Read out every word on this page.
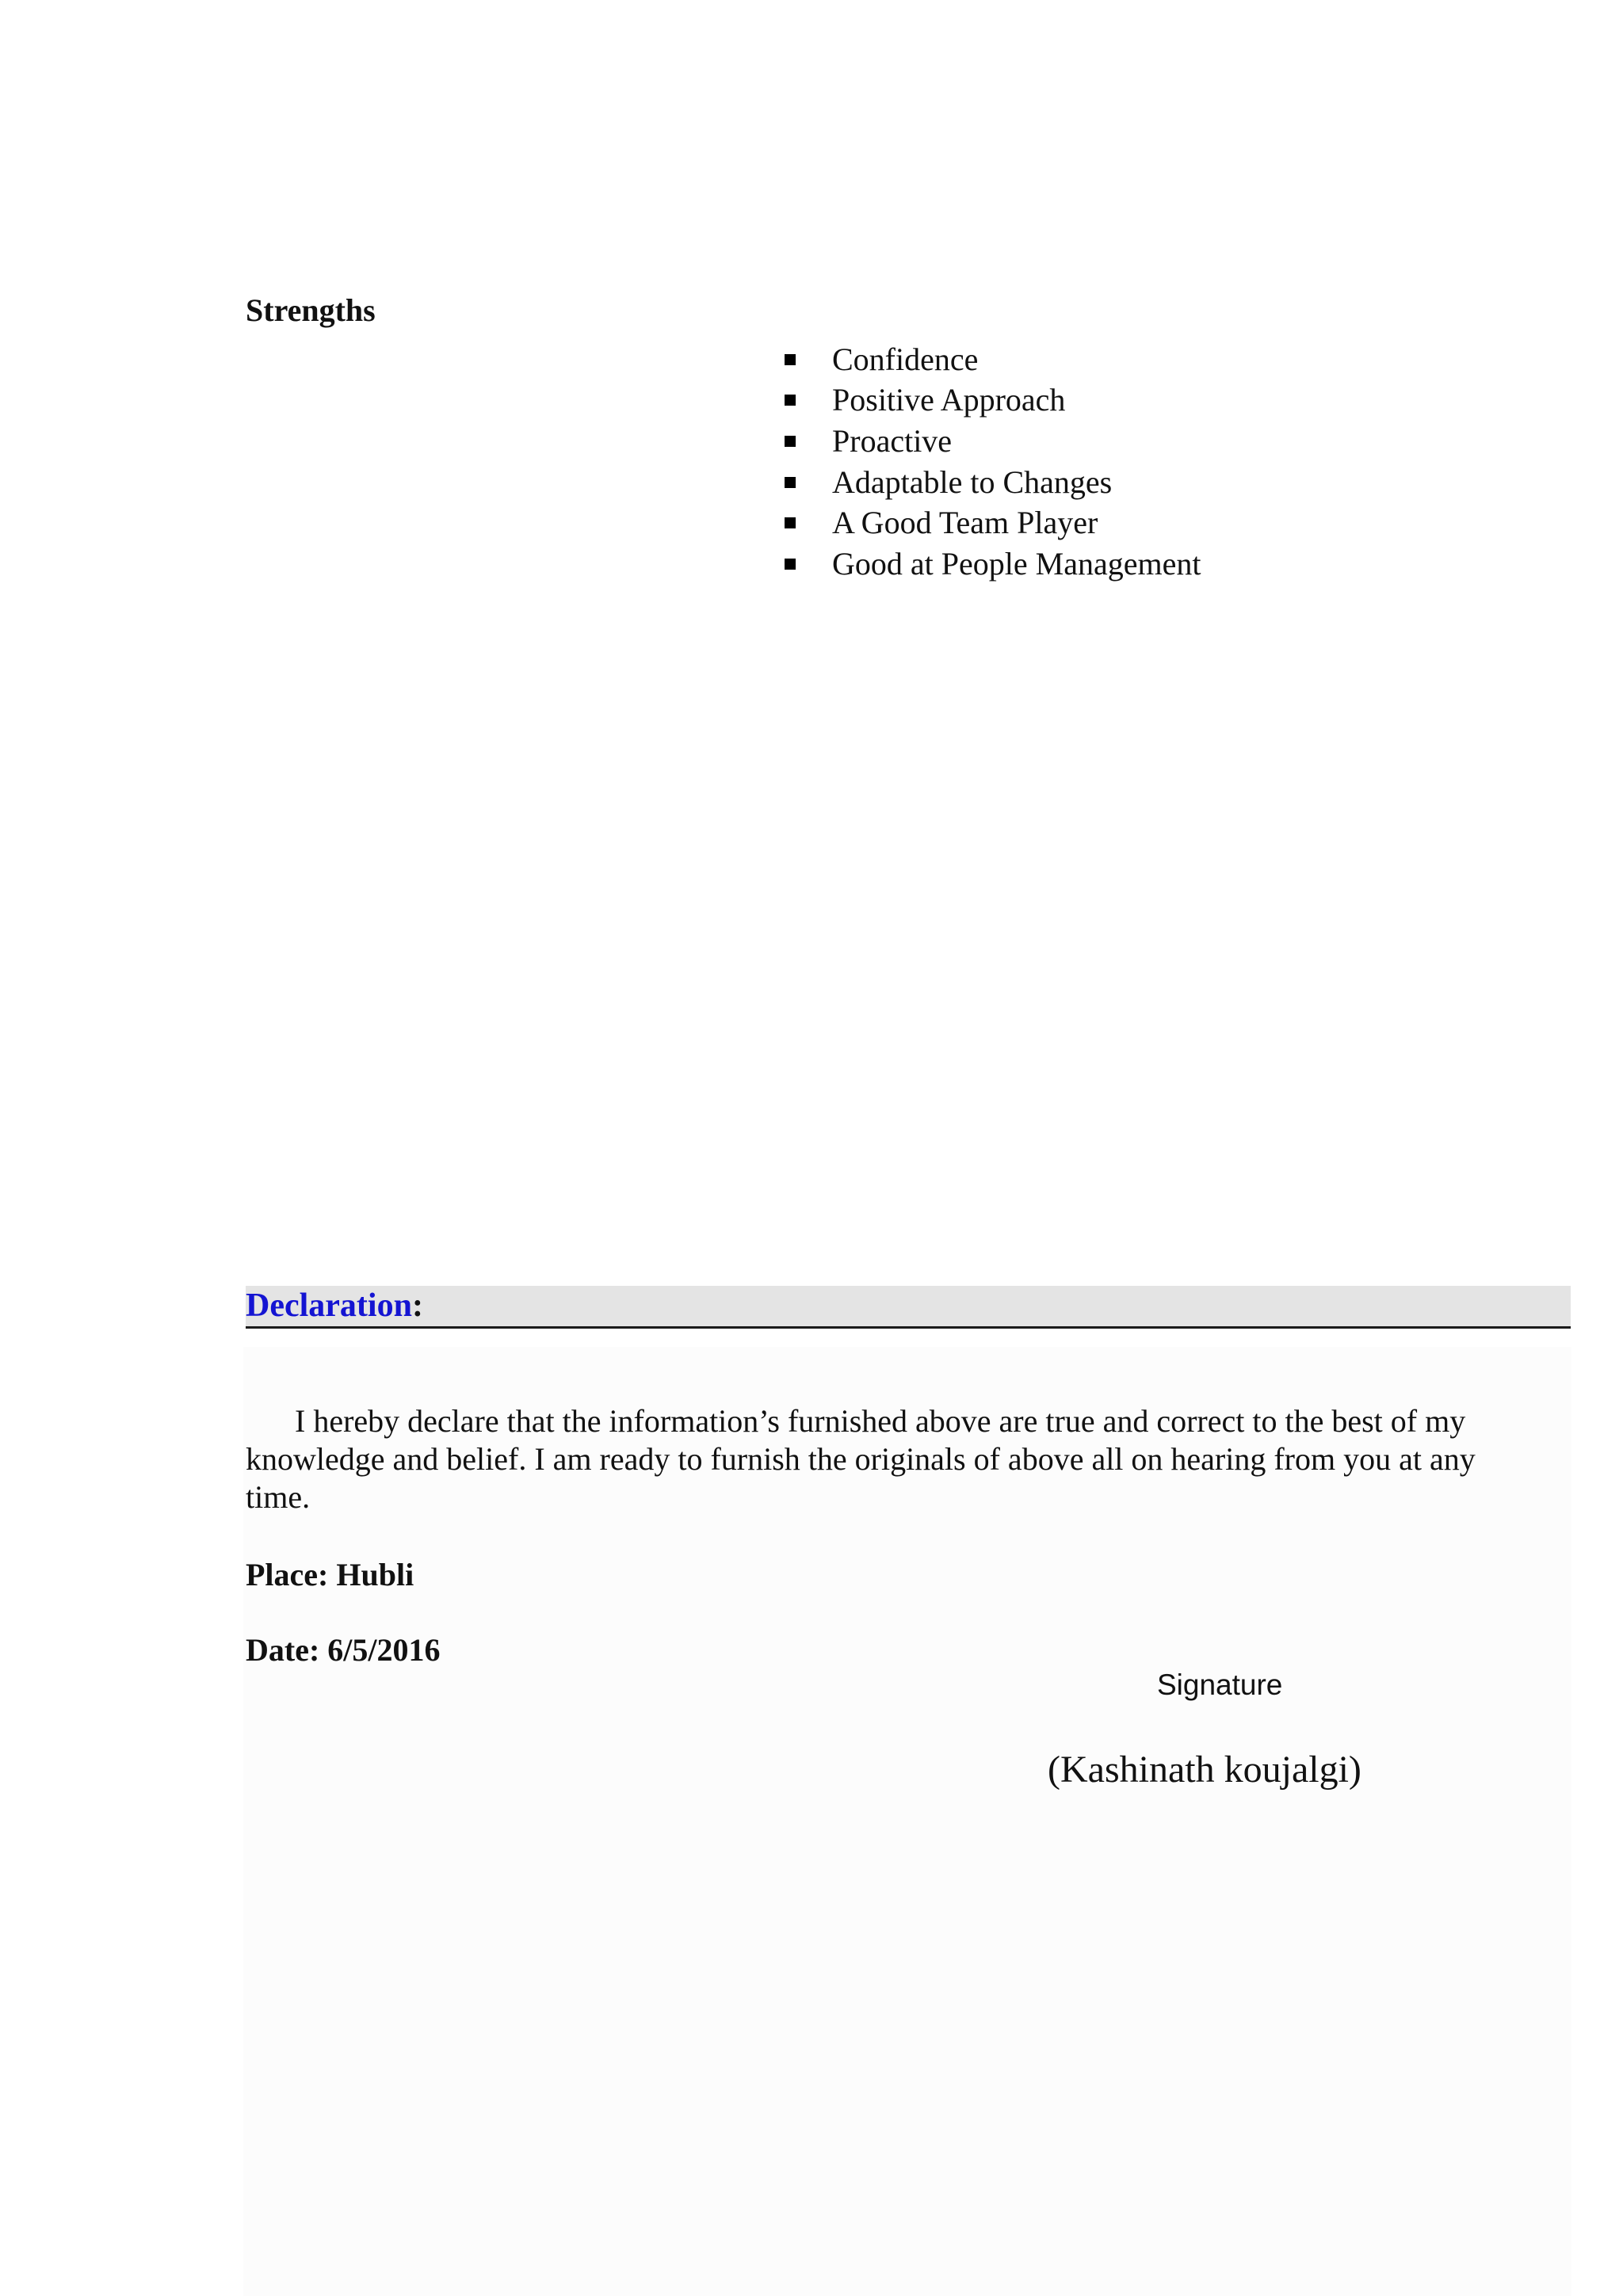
Strengths
Confidence
Positive Approach
Proactive
Adaptable to Changes
A Good Team Player
Good at People Management
Declaration:

I hereby declare that the information’s furnished above are true and correct to the best of my knowledge and belief. I am ready to furnish the originals of above all on hearing from you at any time.

Place: Hubli

Date: 6/5/2016

Signature

(Kashinath koujalgi)
